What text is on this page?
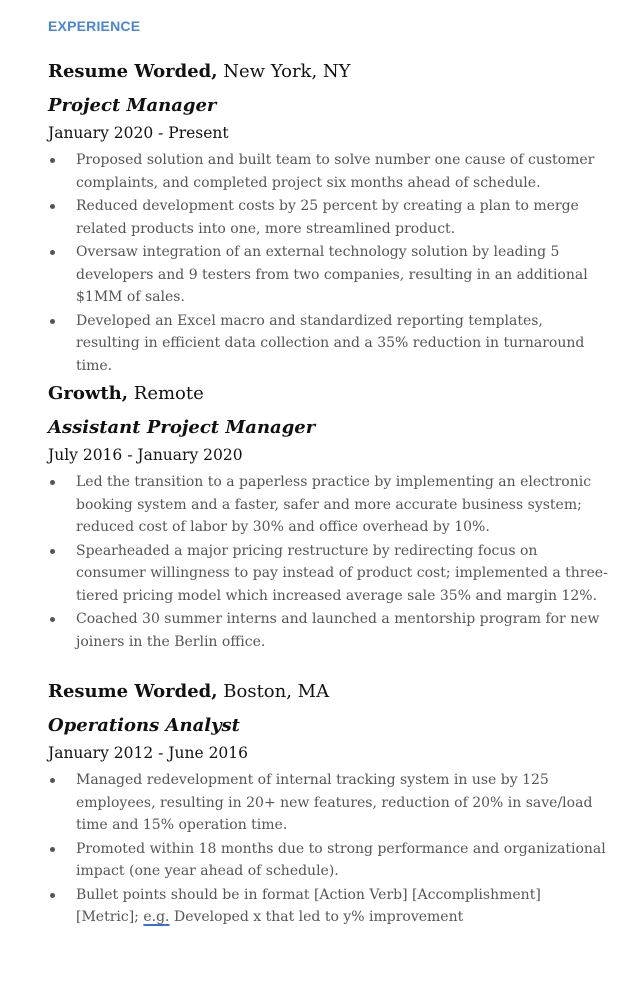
EXPERIENCE
Resume Worded, New York, NY
Project Manager
January 2020 - Present
Proposed solution and built team to solve number one cause of customer complaints, and completed project six months ahead of schedule.
Reduced development costs by 25 percent by creating a plan to merge related products into one, more streamlined product.
Oversaw integration of an external technology solution by leading 5 developers and 9 testers from two companies, resulting in an additional $1MM of sales.
Developed an Excel macro and standardized reporting templates, resulting in efficient data collection and a 35% reduction in turnaround time.
Growth, Remote
Assistant Project Manager
July 2016 - January 2020
Led the transition to a paperless practice by implementing an electronic booking system and a faster, safer and more accurate business system; reduced cost of labor by 30% and office overhead by 10%.
Spearheaded a major pricing restructure by redirecting focus on consumer willingness to pay instead of product cost; implemented a three-tiered pricing model which increased average sale 35% and margin 12%.
Coached 30 summer interns and launched a mentorship program for new joiners in the Berlin office.
Resume Worded, Boston, MA
Operations Analyst
January 2012 - June 2016
Managed redevelopment of internal tracking system in use by 125 employees, resulting in 20+ new features, reduction of 20% in save/load time and 15% operation time.
Promoted within 18 months due to strong performance and organizational impact (one year ahead of schedule).
Bullet points should be in format [Action Verb] [Accomplishment] [Metric]; e.g. Developed x that led to y% improvement
